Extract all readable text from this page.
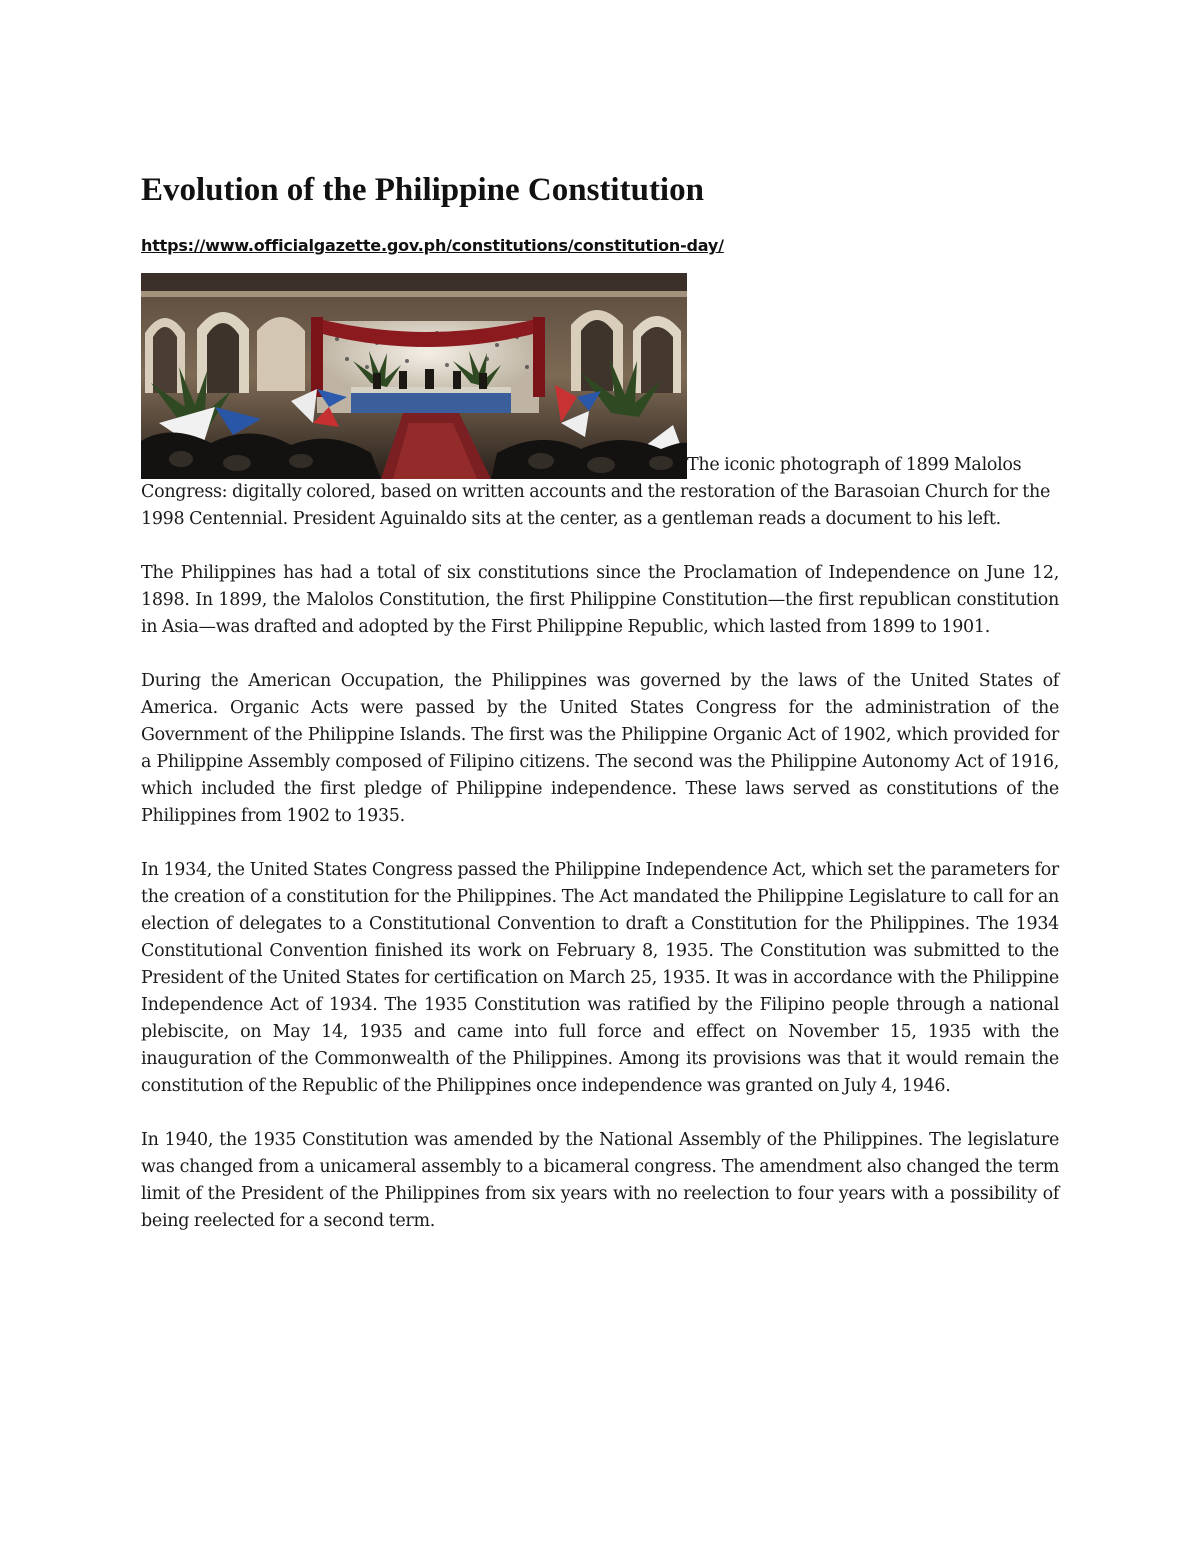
Evolution of the Philippine Constitution
https://www.officialgazette.gov.ph/constitutions/constitution-day/
The iconic photograph of 1899 Malolos Congress: digitally colored, based on written accounts and the restoration of the Barasoian Church for the 1998 Centennial. President Aguinaldo sits at the center, as a gentleman reads a document to his left.

The Philippines has had a total of six constitutions since the Proclamation of Independence on June 12, 1898. In 1899, the Malolos Constitution, the first Philippine Constitution—the first republican constitution in Asia—was drafted and adopted by the First Philippine Republic, which lasted from 1899 to 1901.

During the American Occupation, the Philippines was governed by the laws of the United States of America. Organic Acts were passed by the United States Congress for the administration of the Government of the Philippine Islands. The first was the Philippine Organic Act of 1902, which provided for a Philippine Assembly composed of Filipino citizens. The second was the Philippine Autonomy Act of 1916, which included the first pledge of Philippine independence. These laws served as constitutions of the Philippines from 1902 to 1935.

In 1934, the United States Congress passed the Philippine Independence Act, which set the parameters for the creation of a constitution for the Philippines. The Act mandated the Philippine Legislature to call for an election of delegates to a Constitutional Convention to draft a Constitution for the Philippines. The 1934 Constitutional Convention finished its work on February 8, 1935. The Constitution was submitted to the President of the United States for certification on March 25, 1935. It was in accordance with the Philippine Independence Act of 1934. The 1935 Constitution was ratified by the Filipino people through a national plebiscite, on May 14, 1935 and came into full force and effect on November 15, 1935 with the inauguration of the Commonwealth of the Philippines. Among its provisions was that it would remain the constitution of the Republic of the Philippines once independence was granted on July 4, 1946.

In 1940, the 1935 Constitution was amended by the National Assembly of the Philippines. The legislature was changed from a unicameral assembly to a bicameral congress. The amendment also changed the term limit of the President of the Philippines from six years with no reelection to four years with a possibility of being reelected for a second term.
